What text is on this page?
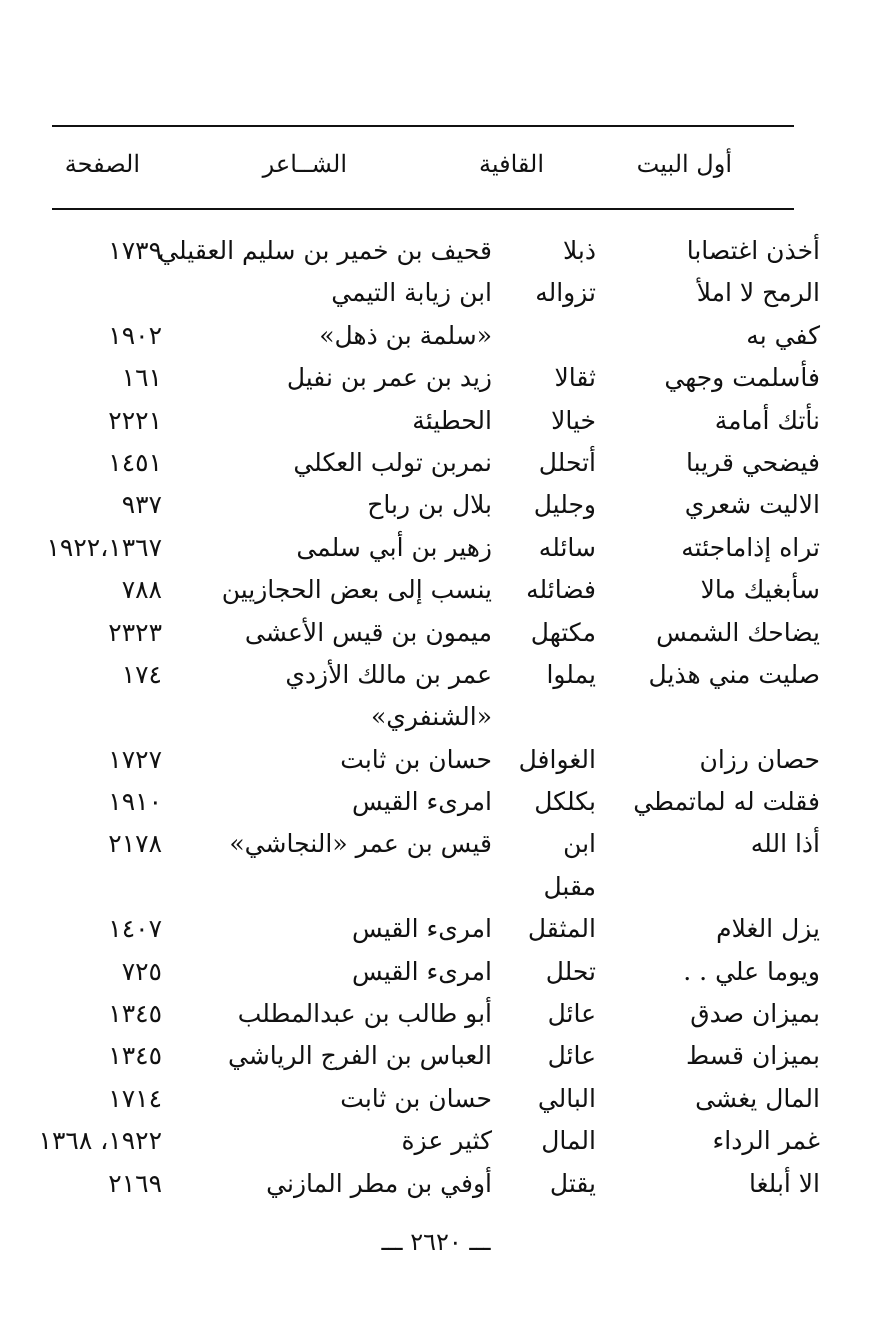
أول البيت
القافية
الشــاعر
الصفحة
أخذن اغتصابا
ذبلا
قحيف بن خمير بن سليم العقيلي
١٧٣٩
الرمح لا املأ
تزواله
ابن زيابة التيمي
كفي به
«سلمة بن ذهل»
١٩٠٢
فأسلمت وجهي
ثقالا
زيد بن عمر بن نفيل
١٦١
نأتك أمامة
خيالا
الحطيئة
٢٢٢١
فيضحي قريبا
أتحلل
نمربن تولب العكلي
١٤٥١
الاليت شعري
وجليل
بلال بن رباح
٩٣٧
تراه إذاماجئته
سائله
زهير بن أبي سلمى
١٩٢٢،١٣٦٧
سأبغيك مالا
فضائله
ينسب إلى بعض الحجازيين
٧٨٨
يضاحك الشمس
مكتهل
ميمون بن قيس الأعشى
٢٣٢٣
صليت مني هذيل
يملوا
عمر بن مالك الأزدي
١٧٤
«الشنفري»
حصان رزان
الغوافل
حسان بن ثابت
١٧٢٧
فقلت له لماتمطي
بكلكل
امرىء القيس
١٩١٠
أذا الله
ابن
قيس بن عمر «النجاشي»
٢١٧٨
مقبل
يزل الغلام
المثقل
امرىء القيس
١٤٠٧
ويوما علي . .
تحلل
امرىء القيس
٧٢٥
بميزان صدق
عائل
أبو طالب بن عبدالمطلب
١٣٤٥
بميزان قسط
عائل
العباس بن الفرج الرياشي
١٣٤٥
المال يغشى
البالي
حسان بن ثابت
١٧١٤
غمر الرداء
المال
كثير عزة
١٩٢٢، ١٣٦٨
الا أبلغا
يقتل
أوفي بن مطر المازني
٢١٦٩
ـــ ٢٦٢٠ ـــ
